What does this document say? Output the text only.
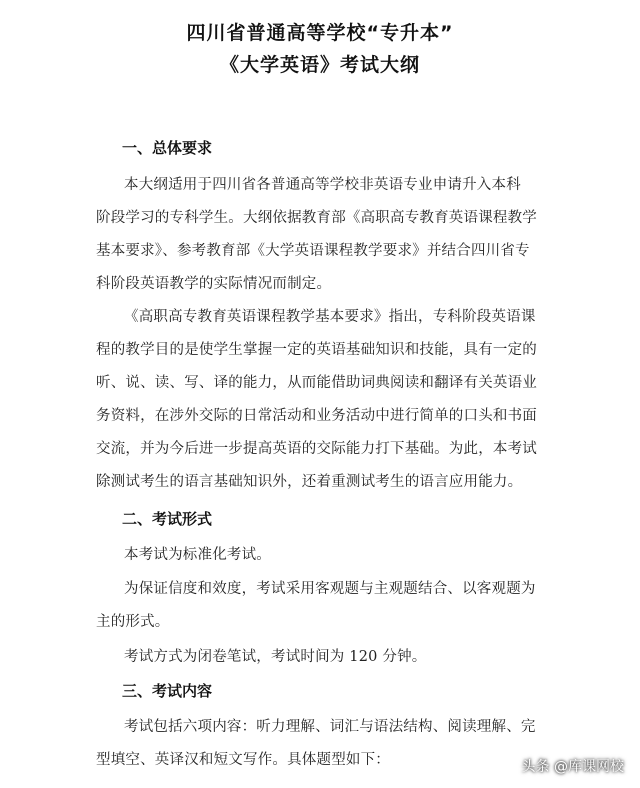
四川省普通高等学校“专升本”
《大学英语》考试大纲
一、总体要求
本大纲适用于四川省各普通高等学校非英语专业申请升入本科
阶段学习的专科学生。大纲依据教育部《高职高专教育英语课程教学
基本要求》、参考教育部《大学英语课程教学要求》并结合四川省专
科阶段英语教学的实际情况而制定。
《高职高专教育英语课程教学基本要求》指出，专科阶段英语课
程的教学目的是使学生掌握一定的英语基础知识和技能，具有一定的
听、说、读、写、译的能力，从而能借助词典阅读和翻译有关英语业
务资料，在涉外交际的日常活动和业务活动中进行简单的口头和书面
交流，并为今后进一步提高英语的交际能力打下基础。为此，本考试
除测试考生的语言基础知识外，还着重测试考生的语言应用能力。
二、考试形式
本考试为标准化考试。
为保证信度和效度，考试采用客观题与主观题结合、以客观题为
主的形式。
考试方式为闭卷笔试，考试时间为 120 分钟。
三、考试内容
考试包括六项内容：听力理解、词汇与语法结构、阅读理解、完
型填空、英译汉和短文写作。具体题型如下：	头条 @库课网校
